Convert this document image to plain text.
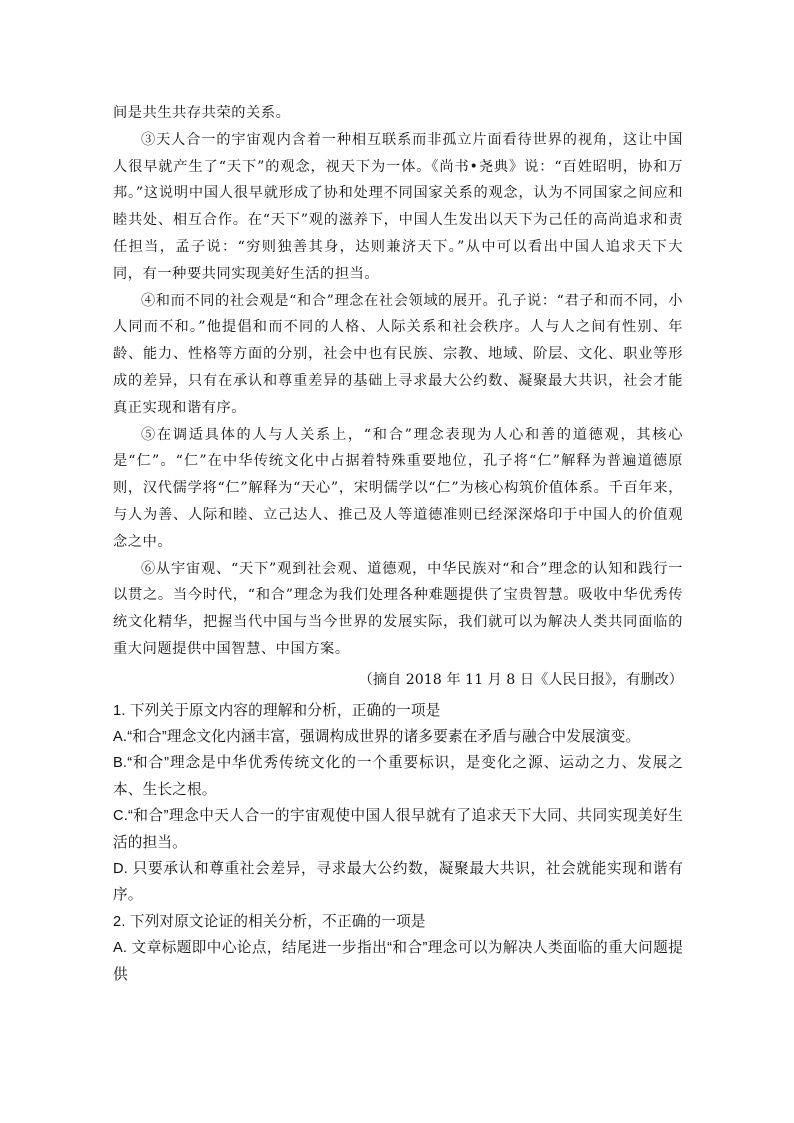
间是共生共存共荣的关系。

③天人合一的宇宙观内含着一种相互联系而非孤立片面看待世界的视角，这让中国人很早就产生了“天下”的观念，视天下为一体。《尚书•尧典》说：“百姓昭明，协和万邦。”这说明中国人很早就形成了协和处理不同国家关系的观念，认为不同国家之间应和睦共处、相互合作。在“天下”观的滋养下，中国人生发出以天下为己任的高尚追求和责任担当，孟子说：“穷则独善其身，达则兼济天下。”从中可以看出中国人追求天下大同，有一种要共同实现美好生活的担当。

④和而不同的社会观是“和合”理念在社会领域的展开。孔子说：“君子和而不同，小人同而不和。”他提倡和而不同的人格、人际关系和社会秩序。人与人之间有性别、年龄、能力、性格等方面的分别，社会中也有民族、宗教、地域、阶层、文化、职业等形成的差异，只有在承认和尊重差异的基础上寻求最大公约数、凝聚最大共识，社会才能真正实现和谐有序。

⑤在调适具体的人与人关系上，“和合”理念表现为人心和善的道德观，其核心是“仁”。“仁”在中华传统文化中占据着特殊重要地位，孔子将“仁”解释为普遍道德原则，汉代儒学将“仁”解释为“天心”，宋明儒学以“仁”为核心构筑价值体系。千百年来，与人为善、人际和睦、立己达人、推己及人等道德准则已经深深烙印于中国人的价值观念之中。

⑥从宇宙观、“天下”观到社会观、道德观，中华民族对“和合”理念的认知和践行一以贯之。当今时代，“和合”理念为我们处理各种难题提供了宝贵智慧。吸收中华优秀传统文化精华，把握当代中国与当今世界的发展实际，我们就可以为解决人类共同面临的重大问题提供中国智慧、中国方案。

（摘自 2018 年 11 月 8 日《人民日报》，有删改）

1. 下列关于原文内容的理解和分析，正确的一项是

A.“和合”理念文化内涵丰富，强调构成世界的诸多要素在矛盾与融合中发展演变。

B.“和合”理念是中华优秀传统文化的一个重要标识，是变化之源、运动之力、发展之本、生长之根。

C.“和合”理念中天人合一的宇宙观使中国人很早就有了追求天下大同、共同实现美好生活的担当。

D. 只要承认和尊重社会差异，寻求最大公约数，凝聚最大共识，社会就能实现和谐有序。

2. 下列对原文论证的相关分析，不正确的一项是

A. 文章标题即中心论点，结尾进一步指出“和合”理念可以为解决人类面临的重大问题提供
